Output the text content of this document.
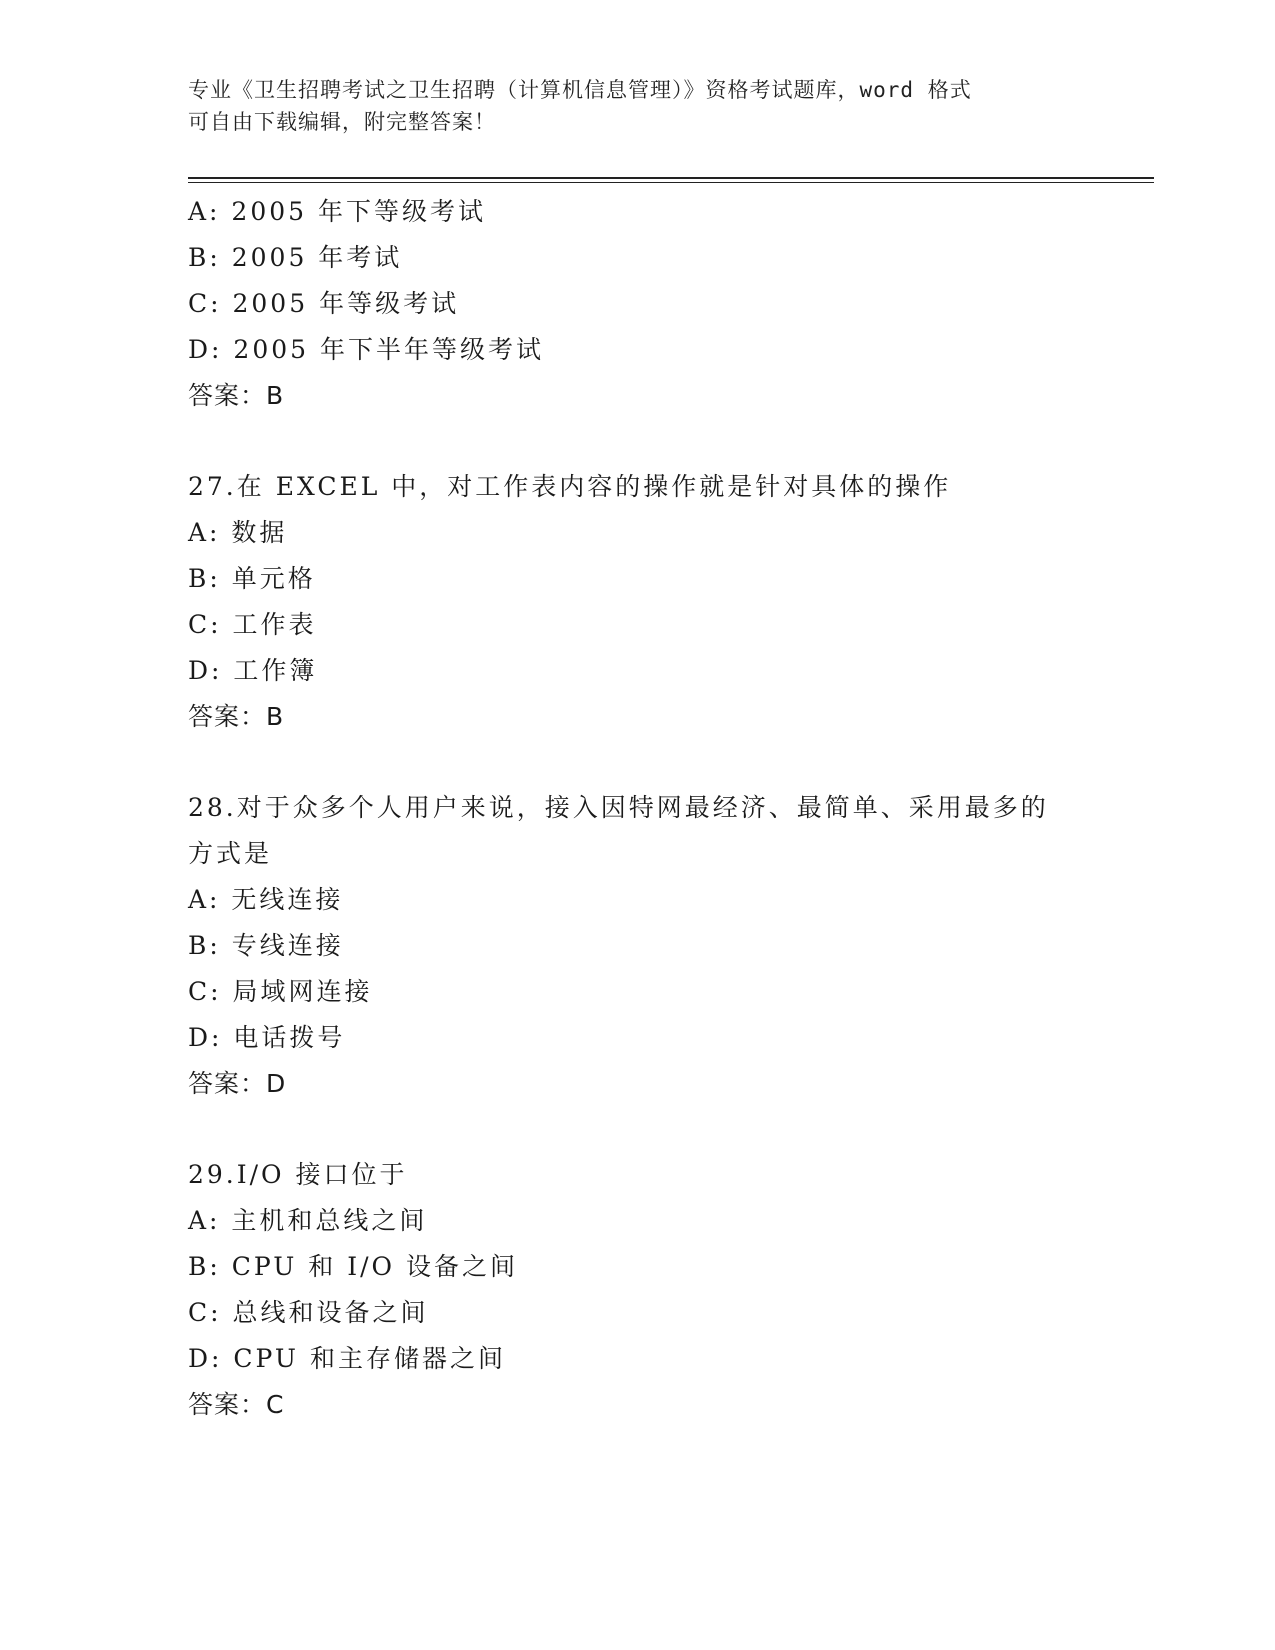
专业《卫生招聘考试之卫生招聘（计算机信息管理）》资格考试题库，word 格式
可自由下载编辑，附完整答案！
A: 2005 年下等级考试
B: 2005 年考试
C: 2005 年等级考试
D: 2005 年下半年等级考试
答案：B
27.在 EXCEL 中，对工作表内容的操作就是针对具体的操作
A: 数据
B: 单元格
C: 工作表
D: 工作簿
答案：B
28.对于众多个人用户来说，接入因特网最经济、最简单、采用最多的
方式是
A: 无线连接
B: 专线连接
C: 局域网连接
D: 电话拨号
答案：D
29.I/O 接口位于
A: 主机和总线之间
B: CPU 和 I/O 设备之间
C: 总线和设备之间
D: CPU 和主存储器之间
答案：C
